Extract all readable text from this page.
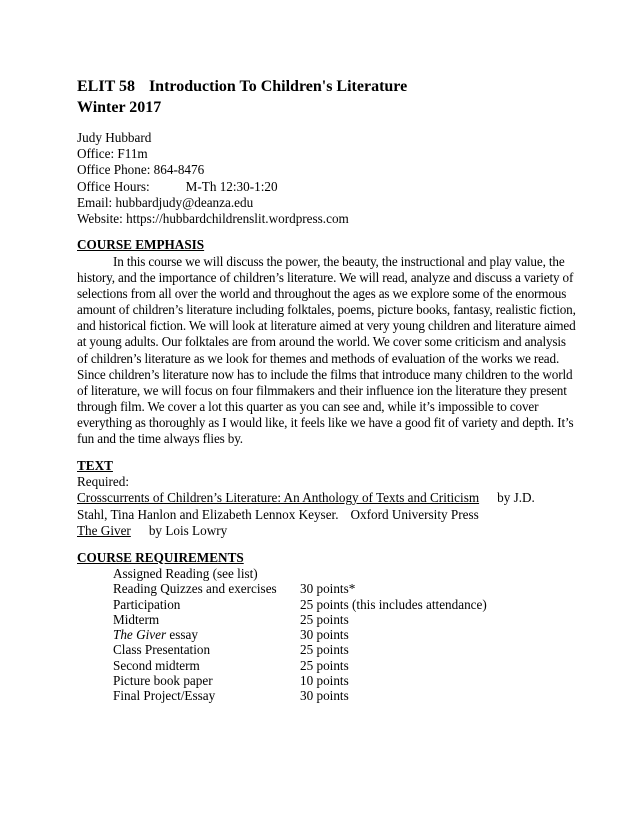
ELIT 58 Introduction To Children's Literature
Winter 2017
Judy Hubbard
Office: F11m
Office Phone: 864-8476
Office Hours:	M-Th 12:30-1:20
Email: hubbardjudy@deanza.edu
Website: https://hubbardchildrenslit.wordpress.com
COURSE EMPHASIS
In this course we will discuss the power, the beauty, the instructional and play value, the history, and the importance of children’s literature. We will read, analyze and discuss a variety of selections from all over the world and throughout the ages as we explore some of the enormous amount of children’s literature including folktales, poems, picture books, fantasy, realistic fiction, and historical fiction. We will look at literature aimed at very young children and literature aimed at young adults. Our folktales are from around the world. We cover some criticism and analysis of children’s literature as we look for themes and methods of evaluation of the works we read. Since children’s literature now has to include the films that introduce many children to the world of literature, we will focus on four filmmakers and their influence ion the literature they present through film. We cover a lot this quarter as you can see and, while it’s impossible to cover everything as thoroughly as I would like, it feels like we have a good fit of variety and depth. It’s fun and the time always flies by.
TEXT
Required:
Crosscurrents of Children’s Literature: An Anthology of Texts and Criticism by J.D.
Stahl, Tina Hanlon and Elizabeth Lennox Keyser. Oxford University Press
The Giver by Lois Lowry
COURSE REQUIREMENTS
Assigned Reading (see list)	
Reading Quizzes and exercises	30 points*
Participation	25 points (this includes attendance)
Midterm	25 points
The Giver essay	30 points
Class Presentation	25 points
Second midterm	25 points
Picture book paper	10 points
Final Project/Essay	30 points
